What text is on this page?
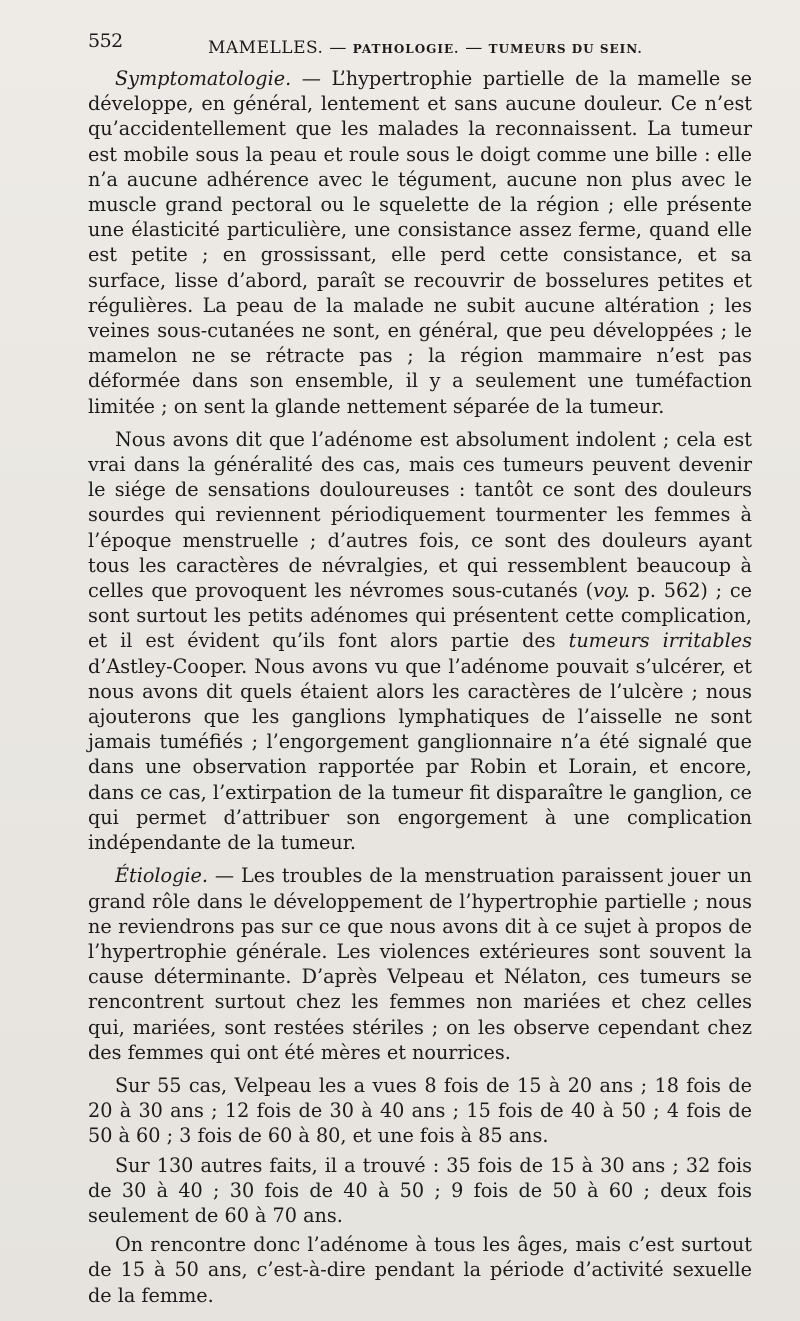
552	MAMELLES. — PATHOLOGIE. — TUMEURS DU SEIN.

Symptomatologie. — L’hypertrophie partielle de la mamelle se développe, en général, lentement et sans aucune douleur. Ce n’est qu’accidentellement que les malades la reconnaissent. La tumeur est mobile sous la peau et roule sous le doigt comme une bille : elle n’a aucune adhérence avec le tégument, aucune non plus avec le muscle grand pectoral ou le squelette de la région ; elle présente une élasticité particulière, une consistance assez ferme, quand elle est petite ; en grossissant, elle perd cette consistance, et sa surface, lisse d’abord, paraît se recouvrir de bosselures petites et régulières. La peau de la malade ne subit aucune altération ; les veines sous-cutanées ne sont, en général, que peu développées ; le mamelon ne se rétracte pas ; la région mammaire n’est pas déformée dans son ensemble, il y a seulement une tuméfaction limitée ; on sent la glande nettement séparée de la tumeur.

Nous avons dit que l’adénome est absolument indolent ; cela est vrai dans la généralité des cas, mais ces tumeurs peuvent devenir le siége de sensations douloureuses : tantôt ce sont des douleurs sourdes qui reviennent périodiquement tourmenter les femmes à l’époque menstruelle ; d’autres fois, ce sont des douleurs ayant tous les caractères de névralgies, et qui ressemblent beaucoup à celles que provoquent les névromes sous-cutanés (voy. p. 562) ; ce sont surtout les petits adénomes qui présentent cette complication, et il est évident qu’ils font alors partie des tumeurs irritables d’Astley-Cooper. Nous avons vu que l’adénome pouvait s’ulcérer, et nous avons dit quels étaient alors les caractères de l’ulcère ; nous ajouterons que les ganglions lymphatiques de l’aisselle ne sont jamais tuméfiés ; l’engorgement ganglionnaire n’a été signalé que dans une observation rapportée par Robin et Lorain, et encore, dans ce cas, l’extirpation de la tumeur fit disparaître le ganglion, ce qui permet d’attribuer son engorgement à une complication indépendante de la tumeur.

Étiologie. — Les troubles de la menstruation paraissent jouer un grand rôle dans le développement de l’hypertrophie partielle ; nous ne reviendrons pas sur ce que nous avons dit à ce sujet à propos de l’hypertrophie générale. Les violences extérieures sont souvent la cause déterminante. D’après Velpeau et Nélaton, ces tumeurs se rencontrent surtout chez les femmes non mariées et chez celles qui, mariées, sont restées stériles ; on les observe cependant chez des femmes qui ont été mères et nourrices.

Sur 55 cas, Velpeau les a vues 8 fois de 15 à 20 ans ; 18 fois de 20 à 30 ans ; 12 fois de 30 à 40 ans ; 15 fois de 40 à 50 ; 4 fois de 50 à 60 ; 3 fois de 60 à 80, et une fois à 85 ans.

Sur 130 autres faits, il a trouvé : 35 fois de 15 à 30 ans ; 32 fois de 30 à 40 ; 30 fois de 40 à 50 ; 9 fois de 50 à 60 ; deux fois seulement de 60 à 70 ans.

On rencontre donc l’adénome à tous les âges, mais c’est surtout de 15 à 50 ans, c’est-à-dire pendant la période d’activité sexuelle de la femme.
